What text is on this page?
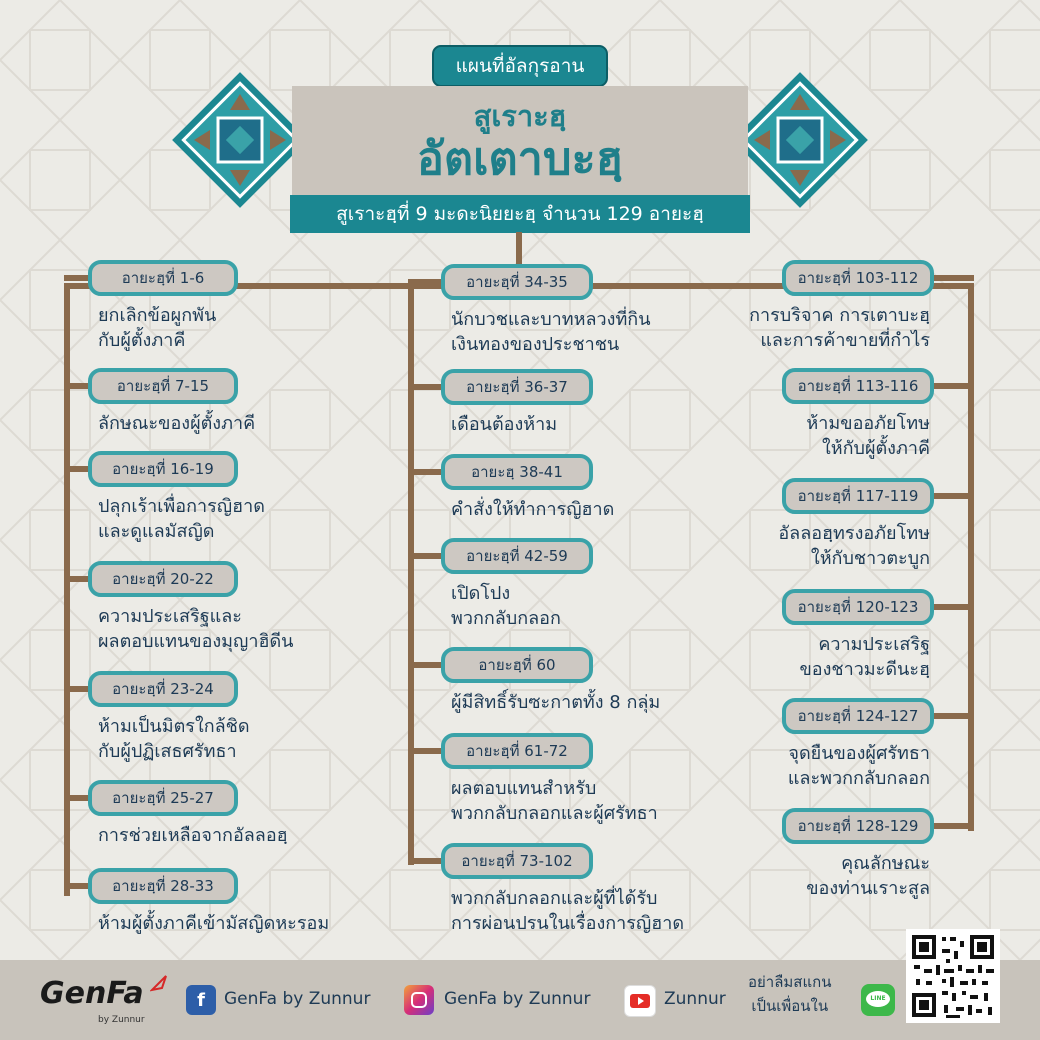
แผนที่อัลกุรอาน
สูเราะฮฺ
อัตเตาบะฮฺ
สูเราะฮฺที่ 9 มะดะนิยยะฮฺ จำนวน 129 อายะฮฺ
อายะฮฺที่ 1-6
ยกเลิกข้อผูกพัน
กับผู้ตั้งภาคี
อายะฮฺที่ 7-15
ลักษณะของผู้ตั้งภาคี
อายะฮฺที่ 16-19
ปลุกเร้าเพื่อการญิฮาด
และดูแลมัสญิด
อายะฮฺที่ 20-22
ความประเสริฐและ
ผลตอบแทนของมุญาฮิดีน
อายะฮฺที่ 23-24
ห้ามเป็นมิตรใกล้ชิด
กับผู้ปฏิเสธศรัทธา
อายะฮฺที่ 25-27
การช่วยเหลือจากอัลลอฮฺ
อายะฮฺที่ 28-33
ห้ามผู้ตั้งภาคีเข้ามัสญิดหะรอม
อายะฮฺที่ 34-35
นักบวชและบาทหลวงที่กิน
เงินทองของประชาชน
อายะฮฺที่ 36-37
เดือนต้องห้าม
อายะฮฺ 38-41
คำสั่งให้ทำการญิฮาด
อายะฮฺที่ 42-59
เปิดโปง
พวกกลับกลอก
อายะฮฺที่ 60
ผู้มีสิทธิ์รับซะกาตทั้ง 8 กลุ่ม
อายะฮฺที่ 61-72
ผลตอบแทนสำหรับ
พวกกลับกลอกและผู้ศรัทธา
อายะฮฺที่ 73-102
พวกกลับกลอกและผู้ที่ได้รับ
การผ่อนปรนในเรื่องการญิฮาด
อายะฮฺที่ 103-112
การบริจาค การเตาบะฮฺ
และการค้าขายที่กำไร
อายะฮฺที่ 113-116
ห้ามขออภัยโทษ
ให้กับผู้ตั้งภาคี
อายะฮฺที่ 117-119
อัลลอฮฺทรงอภัยโทษ
ให้กับชาวตะบูก
อายะฮฺที่ 120-123
ความประเสริฐ
ของชาวมะดีนะฮฺ
อายะฮฺที่ 124-127
จุดยืนของผู้ศรัทธา
และพวกกลับกลอก
อายะฮฺที่ 128-129
คุณลักษณะ
ของท่านเราะสูล
GenFa
by Zunnur
f	GenFa by Zunnur	GenFa by Zunnur	Zunnur
อย่าลืมสแกน
เป็นเพื่อนใน	LINE
